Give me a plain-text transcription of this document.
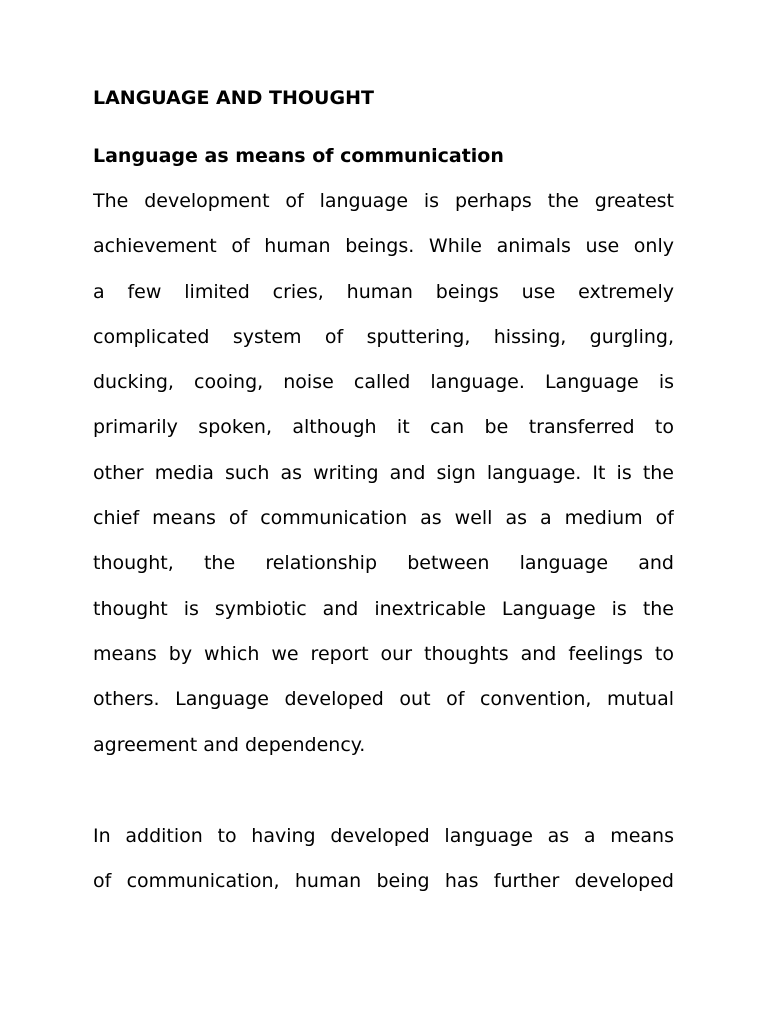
LANGUAGE AND THOUGHT
Language as means of communication
The development of language is perhaps the greatest
achievement of human beings. While animals use only
a few limited cries, human beings use extremely
complicated system of sputtering, hissing, gurgling,
ducking, cooing, noise called language. Language is
primarily spoken, although it can be transferred to
other media such as writing and sign language. It is the
chief means of communication as well as a medium of
thought, the relationship between language and
thought is symbiotic and inextricable Language is the
means by which we report our thoughts and feelings to
others. Language developed out of convention, mutual
agreement and dependency.
In addition to having developed language as a means
of communication, human being has further developed
